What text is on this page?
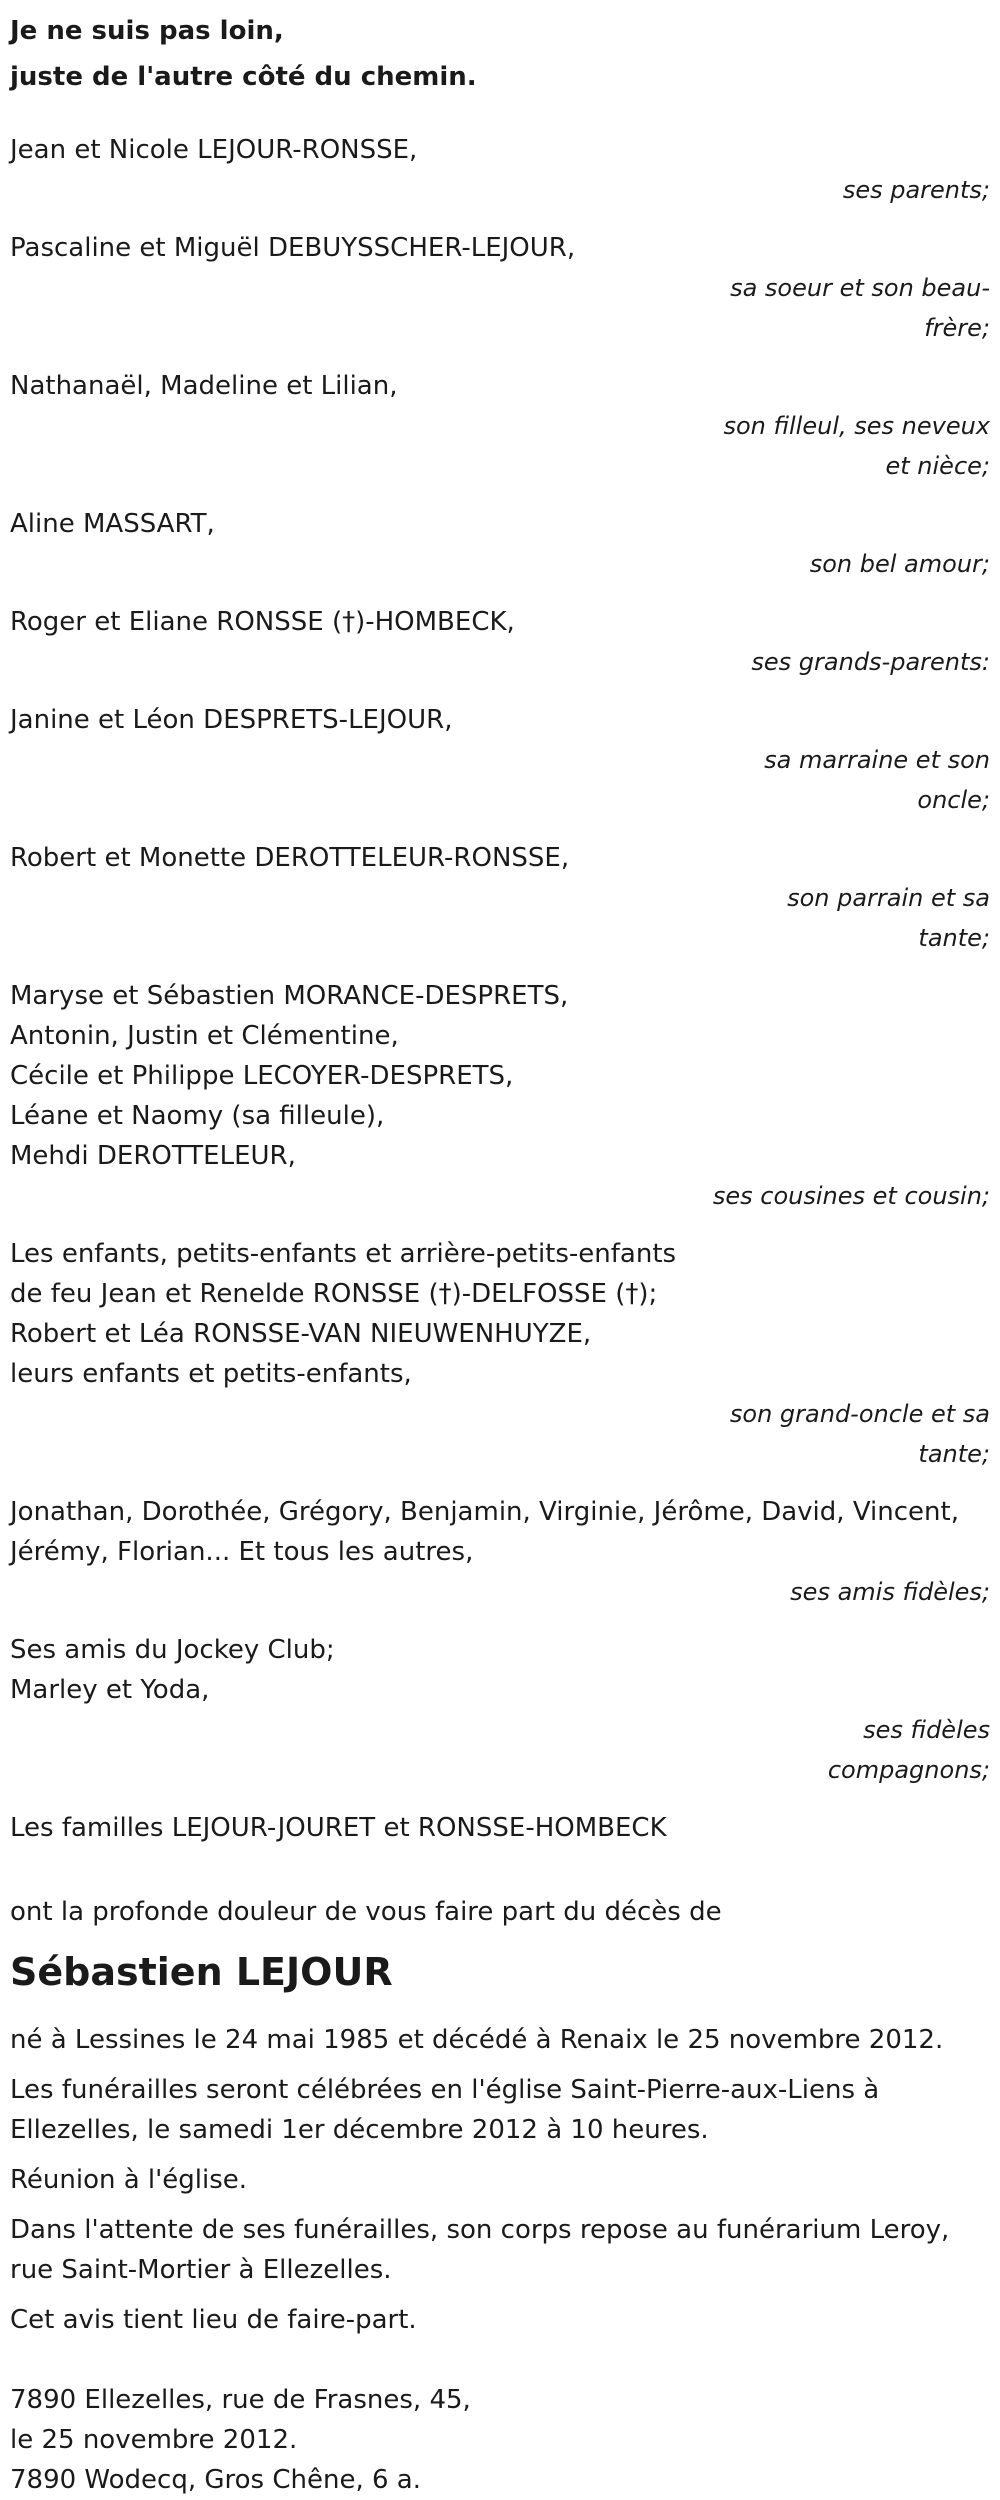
Je ne suis pas loin,
juste de l'autre côté du chemin.
Jean et Nicole LEJOUR-RONSSE,
ses parents;
Pascaline et Miguël DEBUYSSCHER-LEJOUR,
sa soeur et son beau-frère;
Nathanaël, Madeline et Lilian,
son filleul, ses neveux et nièce;
Aline MASSART,
son bel amour;
Roger et Eliane RONSSE (†)-HOMBECK,
ses grands-parents:
Janine et Léon DESPRETS-LEJOUR,
sa marraine et son oncle;
Robert et Monette DEROTTELEUR-RONSSE,
son parrain et sa tante;
Maryse et Sébastien MORANCE-DESPRETS,
Antonin, Justin et Clémentine,
Cécile et Philippe LECOYER-DESPRETS,
Léane et Naomy (sa filleule),
Mehdi DEROTTELEUR,
ses cousines et cousin;
Les enfants, petits-enfants et arrière-petits-enfants
de feu Jean et Renelde RONSSE (†)-DELFOSSE (†);
Robert et Léa RONSSE-VAN NIEUWENHUYZE,
leurs enfants et petits-enfants,
son grand-oncle et sa tante;
Jonathan, Dorothée, Grégory, Benjamin, Virginie, Jérôme, David, Vincent,
Jérémy, Florian... Et tous les autres,
ses amis fidèles;
Ses amis du Jockey Club;
Marley et Yoda,
ses fidèles compagnons;
Les familles LEJOUR-JOURET et RONSSE-HOMBECK
ont la profonde douleur de vous faire part du décès de
Sébastien LEJOUR
né à Lessines le 24 mai 1985 et décédé à Renaix le 25 novembre 2012.
Les funérailles seront célébrées en l'église Saint-Pierre-aux-Liens à Ellezelles, le samedi 1er décembre 2012 à 10 heures.
Réunion à l'église.
Dans l'attente de ses funérailles, son corps repose au funérarium Leroy, rue Saint-Mortier à Ellezelles.
Cet avis tient lieu de faire-part.
7890 Ellezelles, rue de Frasnes, 45,
le 25 novembre 2012.
7890 Wodecq, Gros Chêne, 6 a.
